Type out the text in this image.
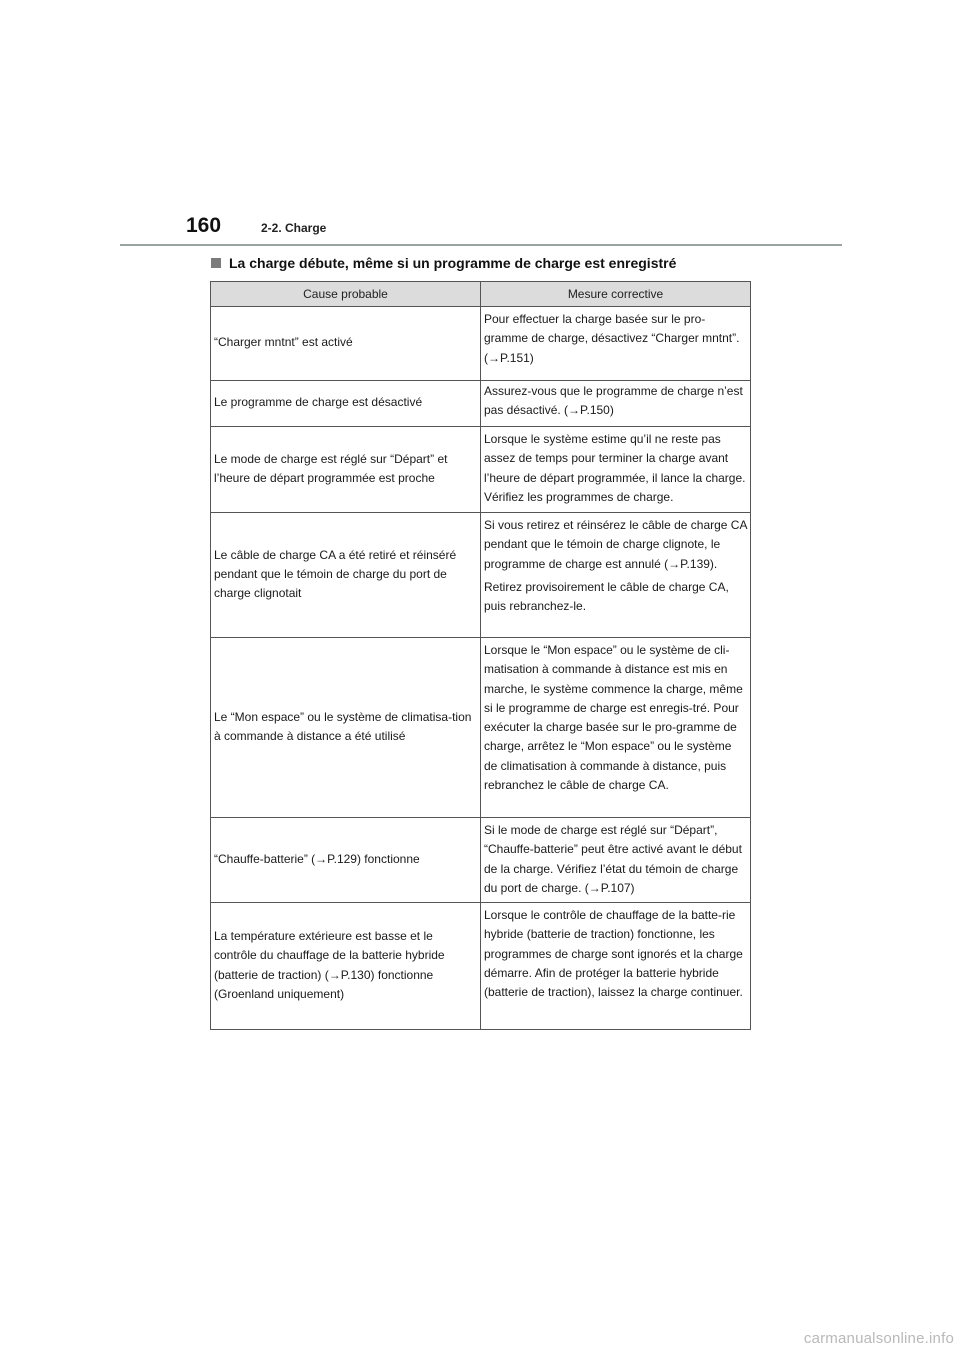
160	2-2. Charge
La charge débute, même si un programme de charge est enregistré
Cause probable	Mesure corrective
“Charger mntnt” est activé	Pour effectuer la charge basée sur le pro-gramme de charge, désactivez “Charger mntnt”. (→P.151)

Le programme de charge est désactivé	Assurez-vous que le programme de charge n’est pas désactivé. (→P.150)

Le mode de charge est réglé sur “Départ” et l’heure de départ programmée est proche	Lorsque le système estime qu’il ne reste pas assez de temps pour terminer la charge avant l’heure de départ programmée, il lance la charge. Vérifiez les programmes de charge.

Le câble de charge CA a été retiré et réinséré pendant que le témoin de charge du port de charge clignotait	Si vous retirez et réinsérez le câble de charge CA pendant que le témoin de charge clignote, le programme de charge est annulé (→P.139).

Retirez provisoirement le câble de charge CA, puis rebranchez-le.

Le “Mon espace” ou le système de climatisa-tion à commande à distance a été utilisé	Lorsque le “Mon espace” ou le système de cli-matisation à commande à distance est mis en marche, le système commence la charge, même si le programme de charge est enregis-tré. Pour exécuter la charge basée sur le pro-gramme de charge, arrêtez le “Mon espace” ou le système de climatisation à commande à distance, puis rebranchez le câble de charge CA.

“Chauffe-batterie” (→P.129) fonctionne	Si le mode de charge est réglé sur “Départ”, “Chauffe-batterie” peut être activé avant le début de la charge. Vérifiez l’état du témoin de charge du port de charge. (→P.107)

La température extérieure est basse et le contrôle du chauffage de la batterie hybride (batterie de traction) (→P.130) fonctionne (Groenland uniquement)	Lorsque le contrôle de chauffage de la batte-rie hybride (batterie de traction) fonctionne, les programmes de charge sont ignorés et la charge démarre. Afin de protéger la batterie hybride (batterie de traction), laissez la charge continuer.

carmanualsonline.info
